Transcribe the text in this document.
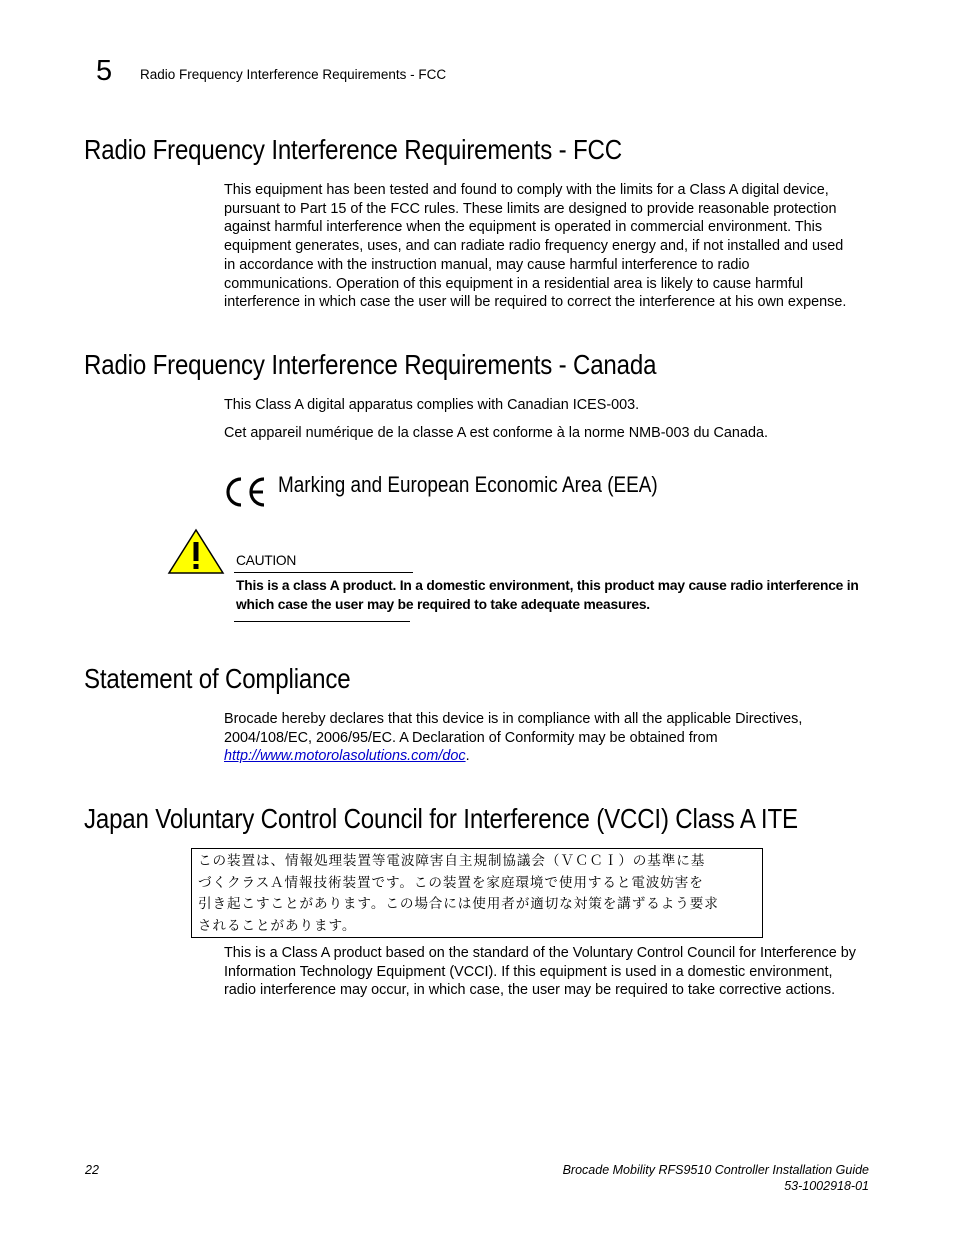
5 Radio Frequency Interference Requirements - FCC
Radio Frequency Interference Requirements - FCC
This equipment has been tested and found to comply with the limits for a Class A digital device,
pursuant to Part 15 of the FCC rules. These limits are designed to provide reasonable protection
against harmful interference when the equipment is operated in commercial environment. This
equipment generates, uses, and can radiate radio frequency energy and, if not installed and used
in accordance with the instruction manual, may cause harmful interference to radio
communications. Operation of this equipment in a residential area is likely to cause harmful
interference in which case the user will be required to correct the interference at his own expense.
Radio Frequency Interference Requirements - Canada
This Class A digital apparatus complies with Canadian ICES-003.
Cet appareil numérique de la classe A est conforme à la norme NMB-003 du Canada.
Marking and European Economic Area (EEA)
CAUTION
This is a class A product. In a domestic environment, this product may cause radio interference in
which case the user may be required to take adequate measures.
Statement of Compliance
Brocade hereby declares that this device is in compliance with all the applicable Directives,
2004/108/EC, 2006/95/EC. A Declaration of Conformity may be obtained from
http://www.motorolasolutions.com/doc.
Japan Voluntary Control Council for Interference (VCCI) Class A ITE
この装置は、情報処理装置等電波障害自主規制協議会（ＶＣＣＩ）の基準に基
づくクラスＡ情報技術装置です。この装置を家庭環境で使用すると電波妨害を
引き起こすことがあります。この場合には使用者が適切な対策を講ずるよう要求
されることがあります。
This is a Class A product based on the standard of the Voluntary Control Council for Interference by
Information Technology Equipment (VCCI). If this equipment is used in a domestic environment,
radio interference may occur, in which case, the user may be required to take corrective actions.
22	Brocade Mobility RFS9510 Controller Installation Guide
53-1002918-01
